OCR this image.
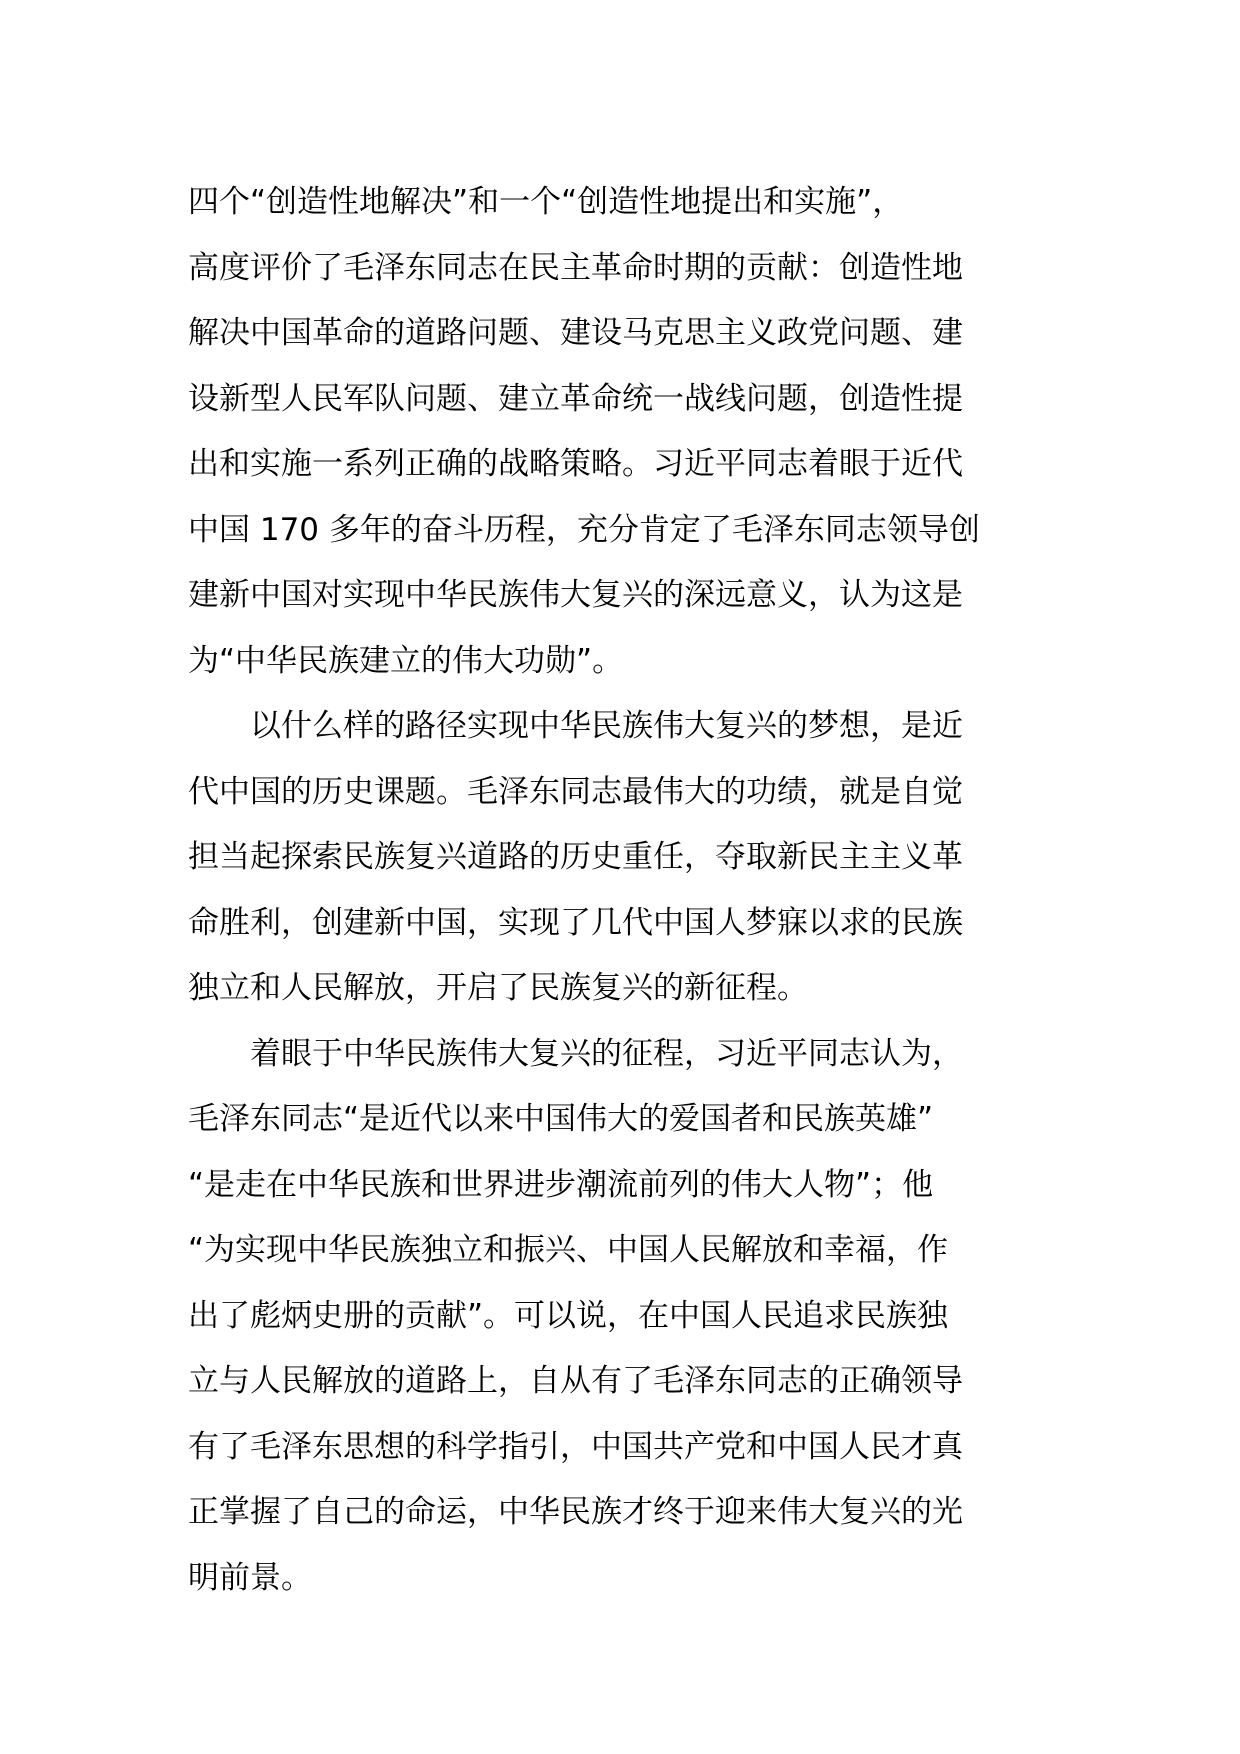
四个“创造性地解决”和一个“创造性地提出和实施”，
高度评价了毛泽东同志在民主革命时期的贡献：创造性地
解决中国革命的道路问题、建设马克思主义政党问题、建
设新型人民军队问题、建立革命统一战线问题，创造性提
出和实施一系列正确的战略策略。习近平同志着眼于近代
中国 170 多年的奋斗历程，充分肯定了毛泽东同志领导创
建新中国对实现中华民族伟大复兴的深远意义，认为这是
为“中华民族建立的伟大功勋”。
　　以什么样的路径实现中华民族伟大复兴的梦想，是近
代中国的历史课题。毛泽东同志最伟大的功绩，就是自觉
担当起探索民族复兴道路的历史重任，夺取新民主主义革
命胜利，创建新中国，实现了几代中国人梦寐以求的民族
独立和人民解放，开启了民族复兴的新征程。
　　着眼于中华民族伟大复兴的征程，习近平同志认为，
毛泽东同志“是近代以来中国伟大的爱国者和民族英雄”
“是走在中华民族和世界进步潮流前列的伟大人物”；他
“为实现中华民族独立和振兴、中国人民解放和幸福，作
出了彪炳史册的贡献”。可以说，在中国人民追求民族独
立与人民解放的道路上，自从有了毛泽东同志的正确领导
有了毛泽东思想的科学指引，中国共产党和中国人民才真
正掌握了自己的命运，中华民族才终于迎来伟大复兴的光
明前景。
